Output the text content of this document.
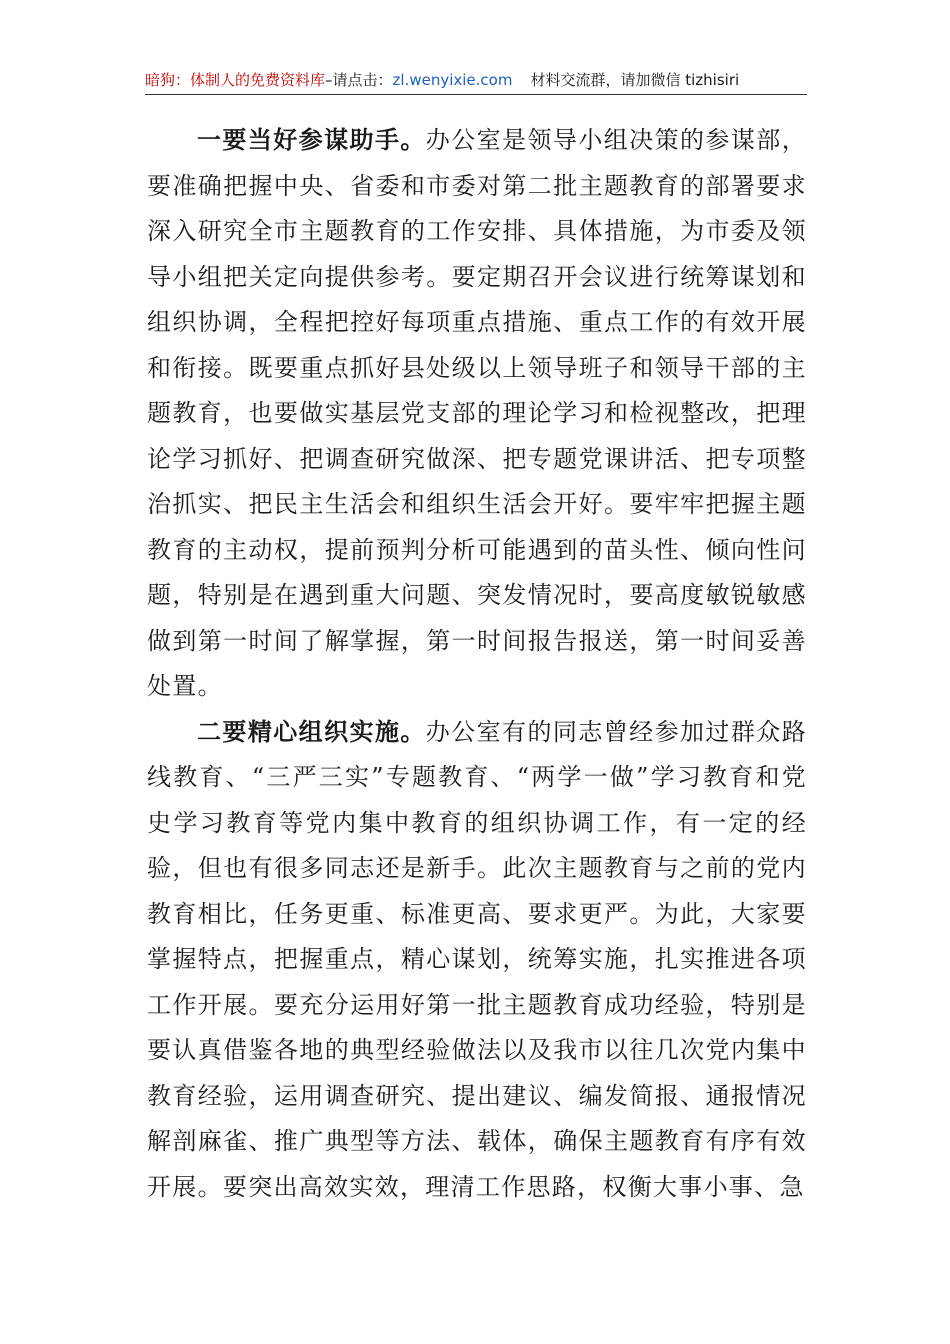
暗狗：体制人的免费资料库–请点击：zl.wenyixie.com 材料交流群，请加微信 tizhisiri

一要当好参谋助手。办公室是领导小组决策的参谋部，要准确把握中央、省委和市委对第二批主题教育的部署要求深入研究全市主题教育的工作安排、具体措施，为市委及领导小组把关定向提供参考。要定期召开会议进行统筹谋划和组织协调，全程把控好每项重点措施、重点工作的有效开展和衔接。既要重点抓好县处级以上领导班子和领导干部的主题教育，也要做实基层党支部的理论学习和检视整改，把理论学习抓好、把调查研究做深、把专题党课讲活、把专项整治抓实、把民主生活会和组织生活会开好。要牢牢把握主题教育的主动权，提前预判分析可能遇到的苗头性、倾向性问题，特别是在遇到重大问题、突发情况时，要高度敏锐敏感做到第一时间了解掌握，第一时间报告报送，第一时间妥善处置。

二要精心组织实施。办公室有的同志曾经参加过群众路线教育、“三严三实”专题教育、“两学一做”学习教育和党史学习教育等党内集中教育的组织协调工作，有一定的经验，但也有很多同志还是新手。此次主题教育与之前的党内教育相比，任务更重、标准更高、要求更严。为此，大家要掌握特点，把握重点，精心谋划，统筹实施，扎实推进各项工作开展。要充分运用好第一批主题教育成功经验，特别是要认真借鉴各地的典型经验做法以及我市以往几次党内集中教育经验，运用调查研究、提出建议、编发简报、通报情况解剖麻雀、推广典型等方法、载体，确保主题教育有序有效开展。要突出高效实效，理清工作思路，权衡大事小事、急
